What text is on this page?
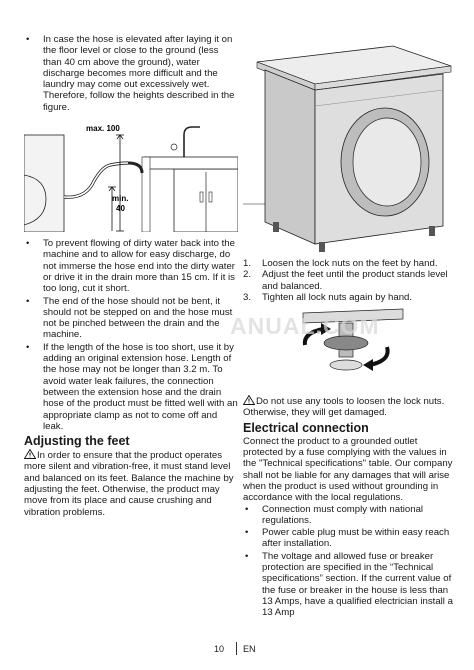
• In case the hose is elevated after laying it on the floor level or close to the ground (less than 40 cm above the ground), water discharge becomes more difficult and the laundry may come out excessively wet. Therefore, follow the heights described in the figure.
max. 100
min.
40
• To prevent flowing of dirty water back into the machine and to allow for easy discharge, do not immerse the hose end into the dirty water or drive it in the drain more than 15 cm. If it is too long, cut it short.
• The end of the hose should not be bent, it should not be stepped on and the hose must not be pinched between the drain and the machine.
• If the length of the hose is too short, use it by adding an original extension hose. Length of the hose may not be longer than 3.2 m. To avoid water leak failures, the connection between the extension hose and the drain hose of the product must be fitted well with an appropriate clamp as not to come off and leak.
Adjusting the feet

In order to ensure that the product operates more silent and vibration-free, it must stand level and balanced on its feet. Balance the machine by adjusting the feet. Otherwise, the product may move from its place and cause crushing and vibration problems.

1. Loosen the lock nuts on the feet by hand.
2. Adjust the feet until the product stands level and balanced.
3. Tighten all lock nuts again by hand.

Do not use any tools to loosen the lock nuts. Otherwise, they will get damaged.

Electrical connection

Connect the product to a grounded outlet protected by a fuse complying with the values in the "Technical specifications" table. Our company shall not be liable for any damages that will arise when the product is used without grounding in accordance with the local regulations.

• Connection must comply with national regulations.
• Power cable plug must be within easy reach after installation.
• The voltage and allowed fuse or breaker protection are specified in the “Technical specifications” section. If the current value of the fuse or breaker in the house is less than 13 Amps, have a qualified electrician install a 13 Amp
ANUAL.COM
10 EN
